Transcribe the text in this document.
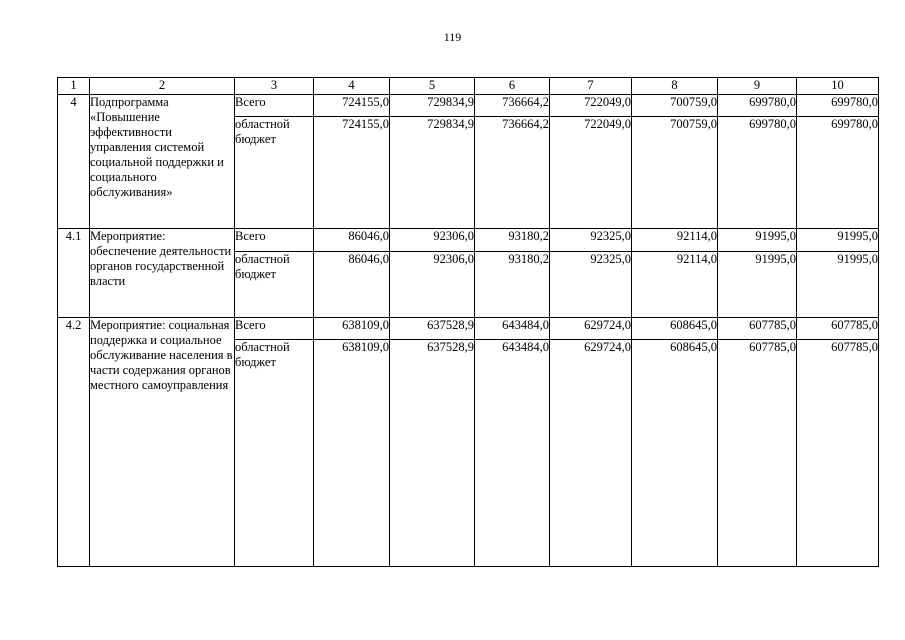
119
1	2	3	4	5	6	7	8	9	10
4	Подпрограмма «Повышение эффективности управления системой социальной поддержки и социального обслуживания»	Всего	724155,0	729834,9	736664,2	722049,0	700759,0	699780,0	699780,0
		областной бюджет	724155,0	729834,9	736664,2	722049,0	700759,0	699780,0	699780,0
4.1	Мероприятие: обеспечение деятельности органов государственной власти	Всего	86046,0	92306,0	93180,2	92325,0	92114,0	91995,0	91995,0
		областной бюджет	86046,0	92306,0	93180,2	92325,0	92114,0	91995,0	91995,0
4.2	Мероприятие: социальная поддержка и социальное обслуживание населения в части содержания органов местного самоуправления	Всего	638109,0	637528,9	643484,0	629724,0	608645,0	607785,0	607785,0
		областной бюджет	638109,0	637528,9	643484,0	629724,0	608645,0	607785,0	607785,0
